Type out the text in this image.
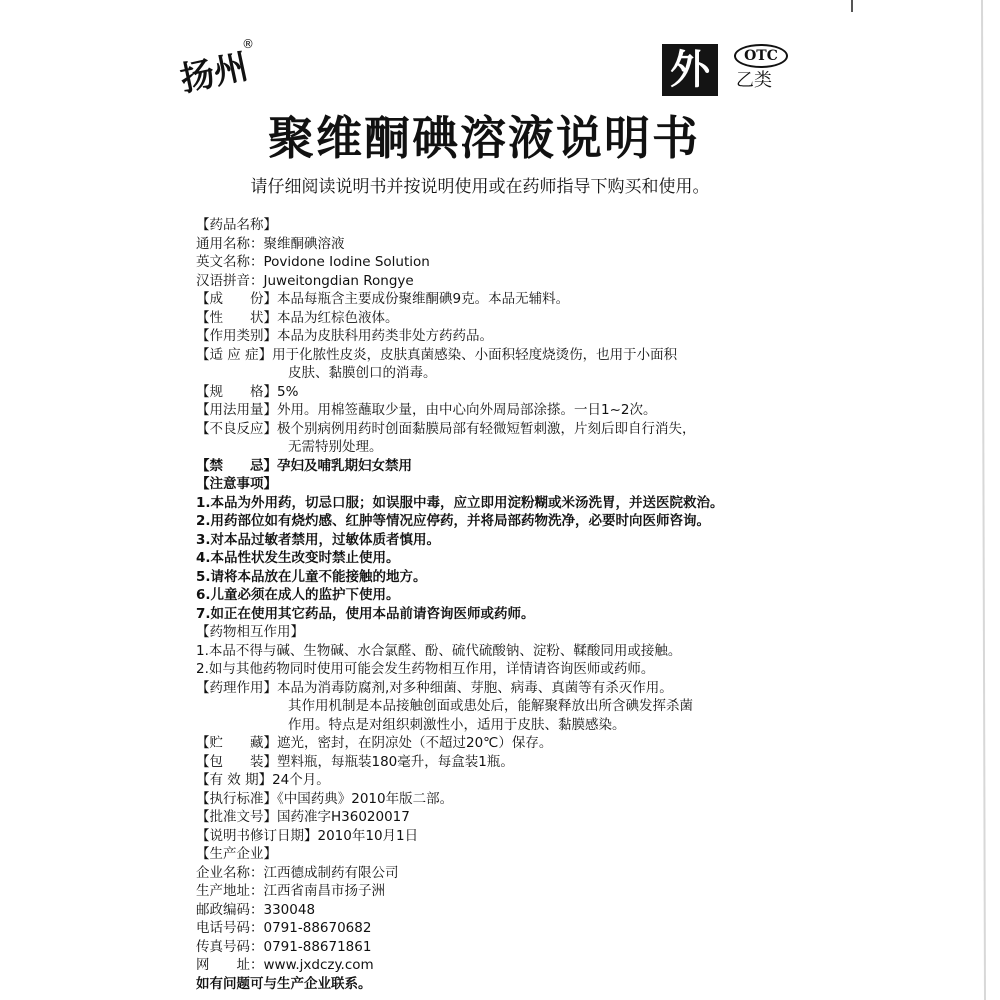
扬州
®
外	OTC
乙类
聚维酮碘溶液说明书
请仔细阅读说明书并按说明使用或在药师指导下购买和使用。
【药品名称】
通用名称：聚维酮碘溶液
英文名称：Povidone Iodine Solution
汉语拼音：Juweitongdian Rongye
【成　　份】本品每瓶含主要成份聚维酮碘9克。本品无辅料。
【性　　状】本品为红棕色液体。
【作用类别】本品为皮肤科用药类非处方药药品。
【适 应 症】用于化脓性皮炎，皮肤真菌感染、小面积轻度烧烫伤，也用于小面积
皮肤、黏膜创口的消毒。
【规　　格】5%
【用法用量】外用。用棉签蘸取少量，由中心向外周局部涂搽。一日1~2次。
【不良反应】极个别病例用药时创面黏膜局部有轻微短暂刺激，片刻后即自行消失，
无需特别处理。
【禁　　忌】孕妇及哺乳期妇女禁用
【注意事项】
1.本品为外用药，切忌口服；如误服中毒，应立即用淀粉糊或米汤洗胃，并送医院救治。
2.用药部位如有烧灼感、红肿等情况应停药，并将局部药物洗净，必要时向医师咨询。
3.对本品过敏者禁用，过敏体质者慎用。
4.本品性状发生改变时禁止使用。
5.请将本品放在儿童不能接触的地方。
6.儿童必须在成人的监护下使用。
7.如正在使用其它药品，使用本品前请咨询医师或药师。
【药物相互作用】
1.本品不得与碱、生物碱、水合氯醛、酚、硫代硫酸钠、淀粉、鞣酸同用或接触。
2.如与其他药物同时使用可能会发生药物相互作用，详情请咨询医师或药师。
【药理作用】本品为消毒防腐剂,对多种细菌、芽胞、病毒、真菌等有杀灭作用。
其作用机制是本品接触创面或患处后，能解聚释放出所含碘发挥杀菌
作用。特点是对组织刺激性小，适用于皮肤、黏膜感染。
【贮　　藏】遮光，密封，在阴凉处（不超过20℃）保存。
【包　　装】塑料瓶，每瓶装180毫升，每盒装1瓶。
【有 效 期】24个月。
【执行标准】《中国药典》2010年版二部。
【批准文号】国药准字H36020017
【说明书修订日期】2010年10月1日
【生产企业】
企业名称：江西德成制药有限公司
生产地址：江西省南昌市扬子洲
邮政编码：330048
电话号码：0791-88670682
传真号码：0791-88671861
网　　址：www.jxdczy.com
如有问题可与生产企业联系。
